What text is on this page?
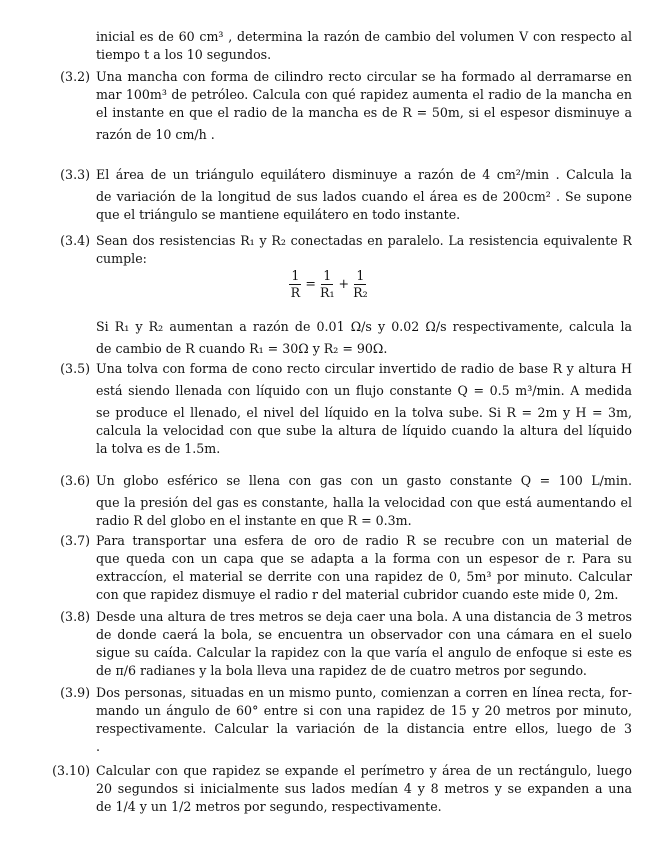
inicial es de 60 cm³ , determina la razón de cambio del volumen V con respecto al
tiempo t a los 10 segundos.
(3.2) Una mancha con forma de cilindro recto circular se ha formado al derramarse en
mar 100m³ de petróleo. Calcula con qué rapidez aumenta el radio de la mancha en
el instante en que el radio de la mancha es de R = 50m, si el espesor disminuye a
razón de 10 cm/h .
(3.3) El área de un triángulo equilátero disminuye a razón de 4 cm²/min . Calcula la
de variación de la longitud de sus lados cuando el área es de 200cm² . Se supone
que el triángulo se mantiene equilátero en todo instante.
(3.4) Sean dos resistencias R₁ y R₂ conectadas en paralelo. La resistencia equivalente R
cumple:
$\frac{1}{R} = \frac{1}{\text{R₁}} + \frac{1}{\text{R₂}}$
Si R₁ y R₂ aumentan a razón de 0.01 Ω/s y 0.02 Ω/s respectivamente, calcula la
de cambio de R cuando R₁ = 30Ω y R₂ = 90Ω.
(3.5) Una tolva con forma de cono recto circular invertido de radio de base R y altura H
está siendo llenada con líquido con un flujo constante Q = 0.5 m³/min. A medida
se produce el llenado, el nivel del líquido en la tolva sube. Si R = 2m y H = 3m,
calcula la velocidad con que sube la altura de líquido cuando la altura del líquido
la tolva es de 1.5m.
(3.6) Un globo esférico se llena con gas con un gasto constante Q = 100 L/min.
que la presión del gas es constante, halla la velocidad con que está aumentando el
radio R del globo en el instante en que R = 0.3m.
(3.7) Para transportar una esfera de oro de radio R se recubre con un material de
que queda con un capa que se adapta a la forma con un espesor de r. Para su
extraccíon, el material se derrite con una rapidez de 0, 5m³ por minuto. Calcular
con que rapidez dismuye el radio r del material cubridor cuando este mide 0, 2m.
(3.8) Desde una altura de tres metros se deja caer una bola. A una distancia de 3 metros
de donde caerá la bola, se encuentra un observador con una cámara en el suelo
sigue su caída. Calcular la rapidez con la que varía el angulo de enfoque si este es
de π/6 radianes y la bola lleva una rapidez de de cuatro metros por segundo.
(3.9) Dos personas, situadas en un mismo punto, comienzan a corren en línea recta, for-
mando un ángulo de 60° entre si con una rapidez de 15 y 20 metros por minuto,
respectivamente. Calcular la variación de la distancia entre ellos, luego de 3
.
(3.10) Calcular con que rapidez se expande el perímetro y área de un rectángulo, luego
20 segundos si inicialmente sus lados medían 4 y 8 metros y se expanden a una
de 1/4 y un 1/2 metros por segundo, respectivamente.
